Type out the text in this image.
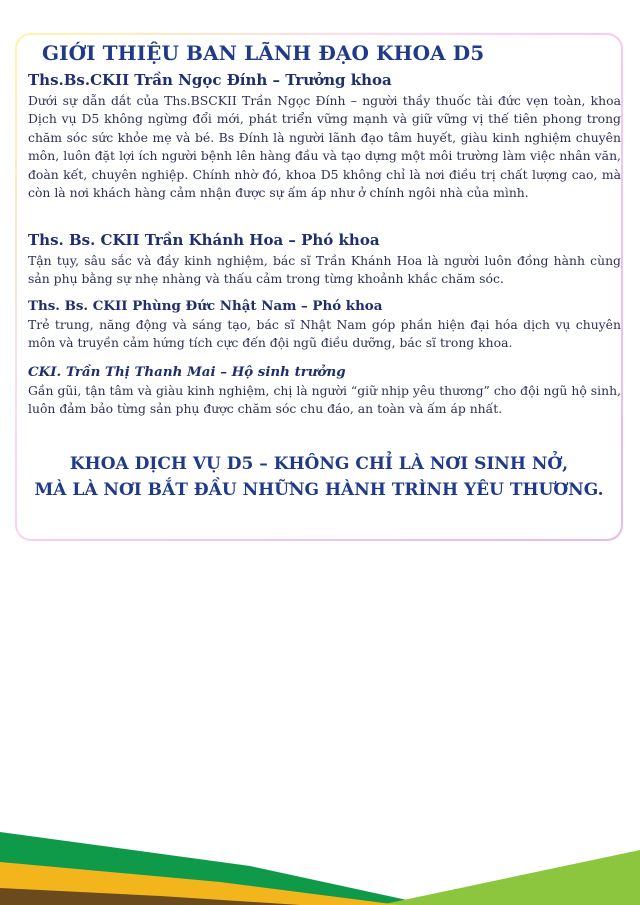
GIỚI THIỆU BAN LÃNH ĐẠO KHOA D5
Ths.Bs.CKII Trần Ngọc Đính – Trưởng khoa

Dưới sự dẫn dắt của Ths.BSCKII Trần Ngọc Đính – người thầy thuốc tài đức vẹn toàn, khoa Dịch vụ D5 không ngừng đổi mới, phát triển vững mạnh và giữ vững vị thế tiên phong trong chăm sóc sức khỏe mẹ và bé. Bs Đính là người lãnh đạo tâm huyết, giàu kinh nghiệm chuyên môn, luôn đặt lợi ích người bệnh lên hàng đầu và tạo dựng một môi trường làm việc nhân văn, đoàn kết, chuyên nghiệp. Chính nhờ đó, khoa D5 không chỉ là nơi điều trị chất lượng cao, mà còn là nơi khách hàng cảm nhận được sự ấm áp như ở chính ngôi nhà của mình.

Ths. Bs. CKII Trần Khánh Hoa – Phó khoa

Tận tụy, sâu sắc và đầy kinh nghiệm, bác sĩ Trần Khánh Hoa là người luôn đồng hành cùng sản phụ bằng sự nhẹ nhàng và thấu cảm trong từng khoảnh khắc chăm sóc.

Ths. Bs. CKII Phùng Đức Nhật Nam – Phó khoa

Trẻ trung, năng động và sáng tạo, bác sĩ Nhật Nam góp phần hiện đại hóa dịch vụ chuyên môn và truyền cảm hứng tích cực đến đội ngũ điều dưỡng, bác sĩ trong khoa.

CKI. Trần Thị Thanh Mai – Hộ sinh trưởng

Gần gũi, tận tâm và giàu kinh nghiệm, chị là người “giữ nhịp yêu thương” cho đội ngũ hộ sinh, luôn đảm bảo từng sản phụ được chăm sóc chu đáo, an toàn và ấm áp nhất.

KHOA DỊCH VỤ D5 – KHÔNG CHỈ LÀ NƠI SINH NỞ,
MÀ LÀ NƠI BẮT ĐẦU NHỮNG HÀNH TRÌNH YÊU THƯƠNG.
